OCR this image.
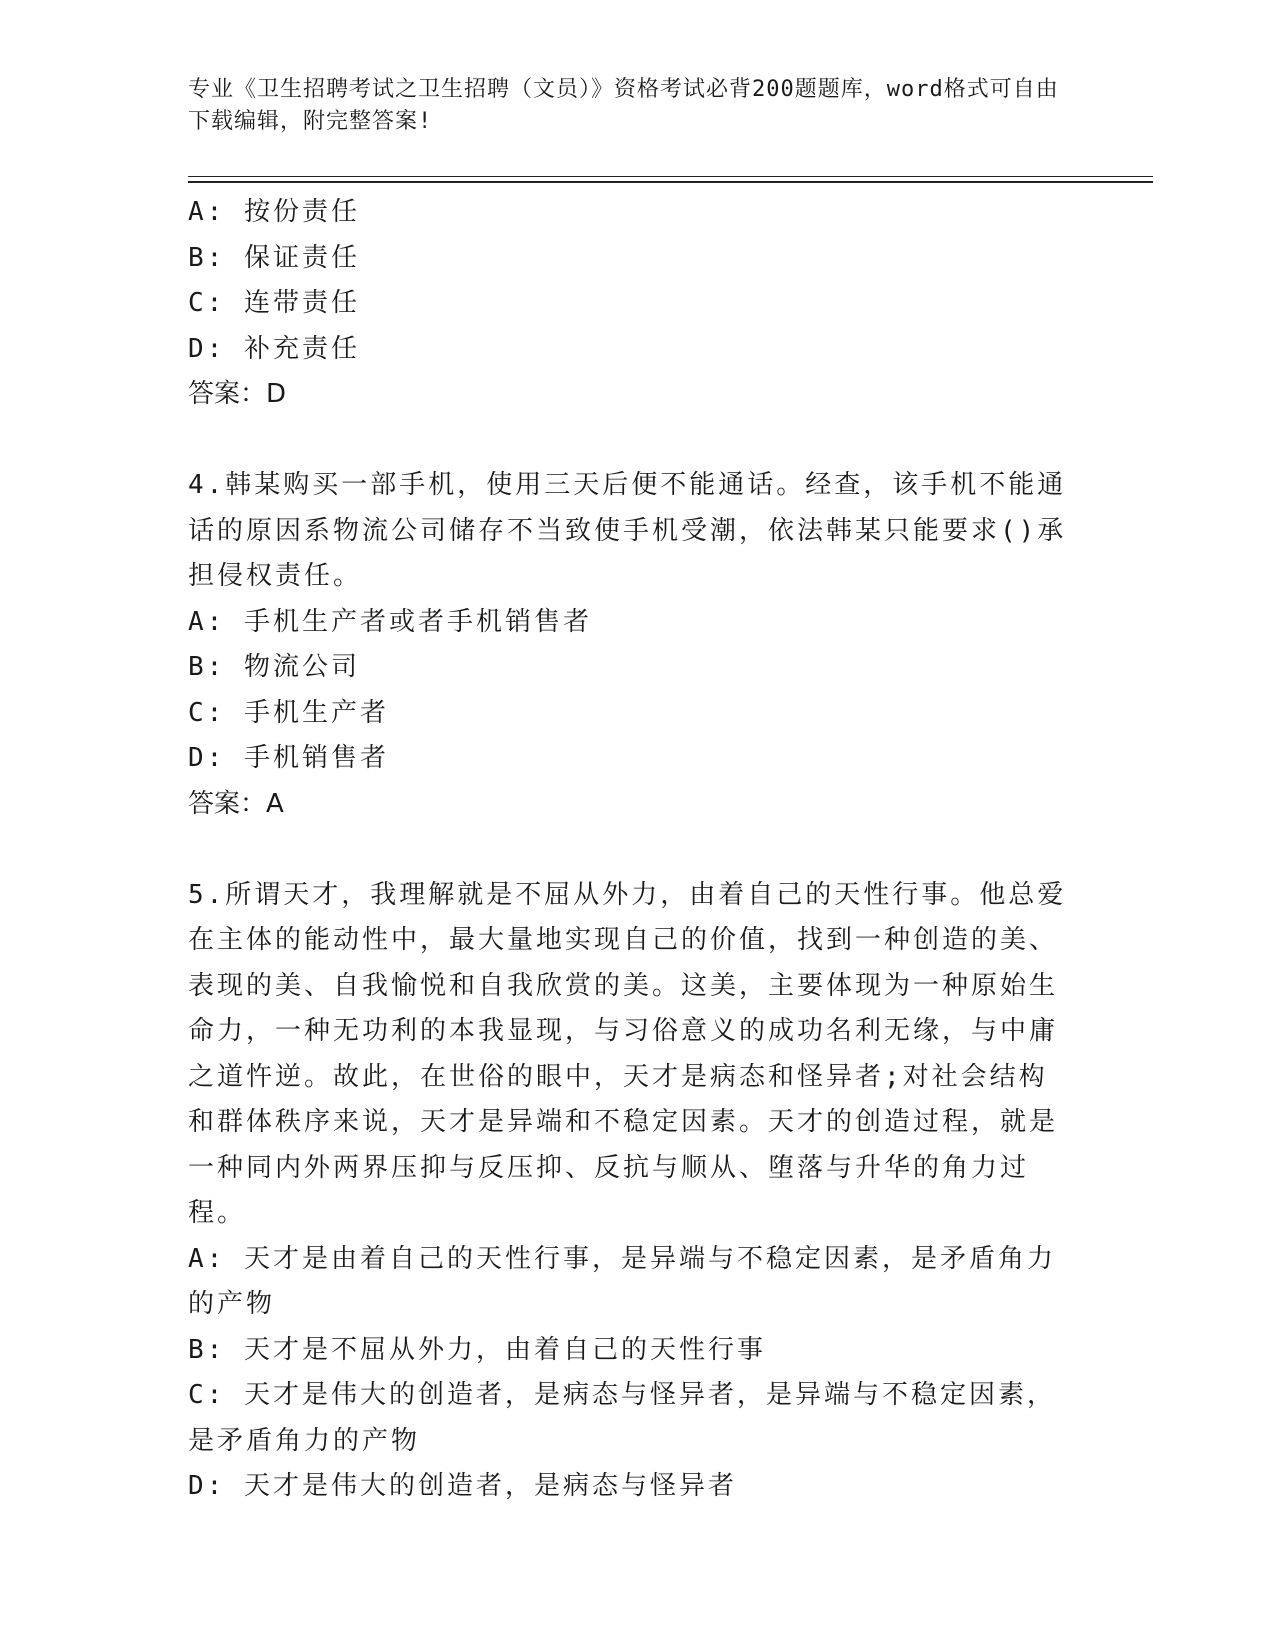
专业《卫生招聘考试之卫生招聘（文员）》资格考试必背200题题库，word格式可自由下载编辑，附完整答案!

A: 按份责任

B: 保证责任

C: 连带责任

D: 补充责任

答案：D

4.韩某购买一部手机，使用三天后便不能通话。经查，该手机不能通话的原因系物流公司储存不当致使手机受潮，依法韩某只能要求()承担侵权责任。

A: 手机生产者或者手机销售者

B: 物流公司

C: 手机生产者

D: 手机销售者

答案：A

5.所谓天才，我理解就是不屈从外力，由着自己的天性行事。他总爱在主体的能动性中，最大量地实现自己的价值，找到一种创造的美、表现的美、自我愉悦和自我欣赏的美。这美，主要体现为一种原始生命力，一种无功利的本我显现，与习俗意义的成功名利无缘，与中庸之道忤逆。故此，在世俗的眼中，天才是病态和怪异者;对社会结构和群体秩序来说，天才是异端和不稳定因素。天才的创造过程，就是一种同内外两界压抑与反压抑、反抗与顺从、堕落与升华的角力过程。

A: 天才是由着自己的天性行事，是异端与不稳定因素，是矛盾角力的产物

B: 天才是不屈从外力，由着自己的天性行事

C: 天才是伟大的创造者，是病态与怪异者，是异端与不稳定因素，是矛盾角力的产物

D: 天才是伟大的创造者，是病态与怪异者
